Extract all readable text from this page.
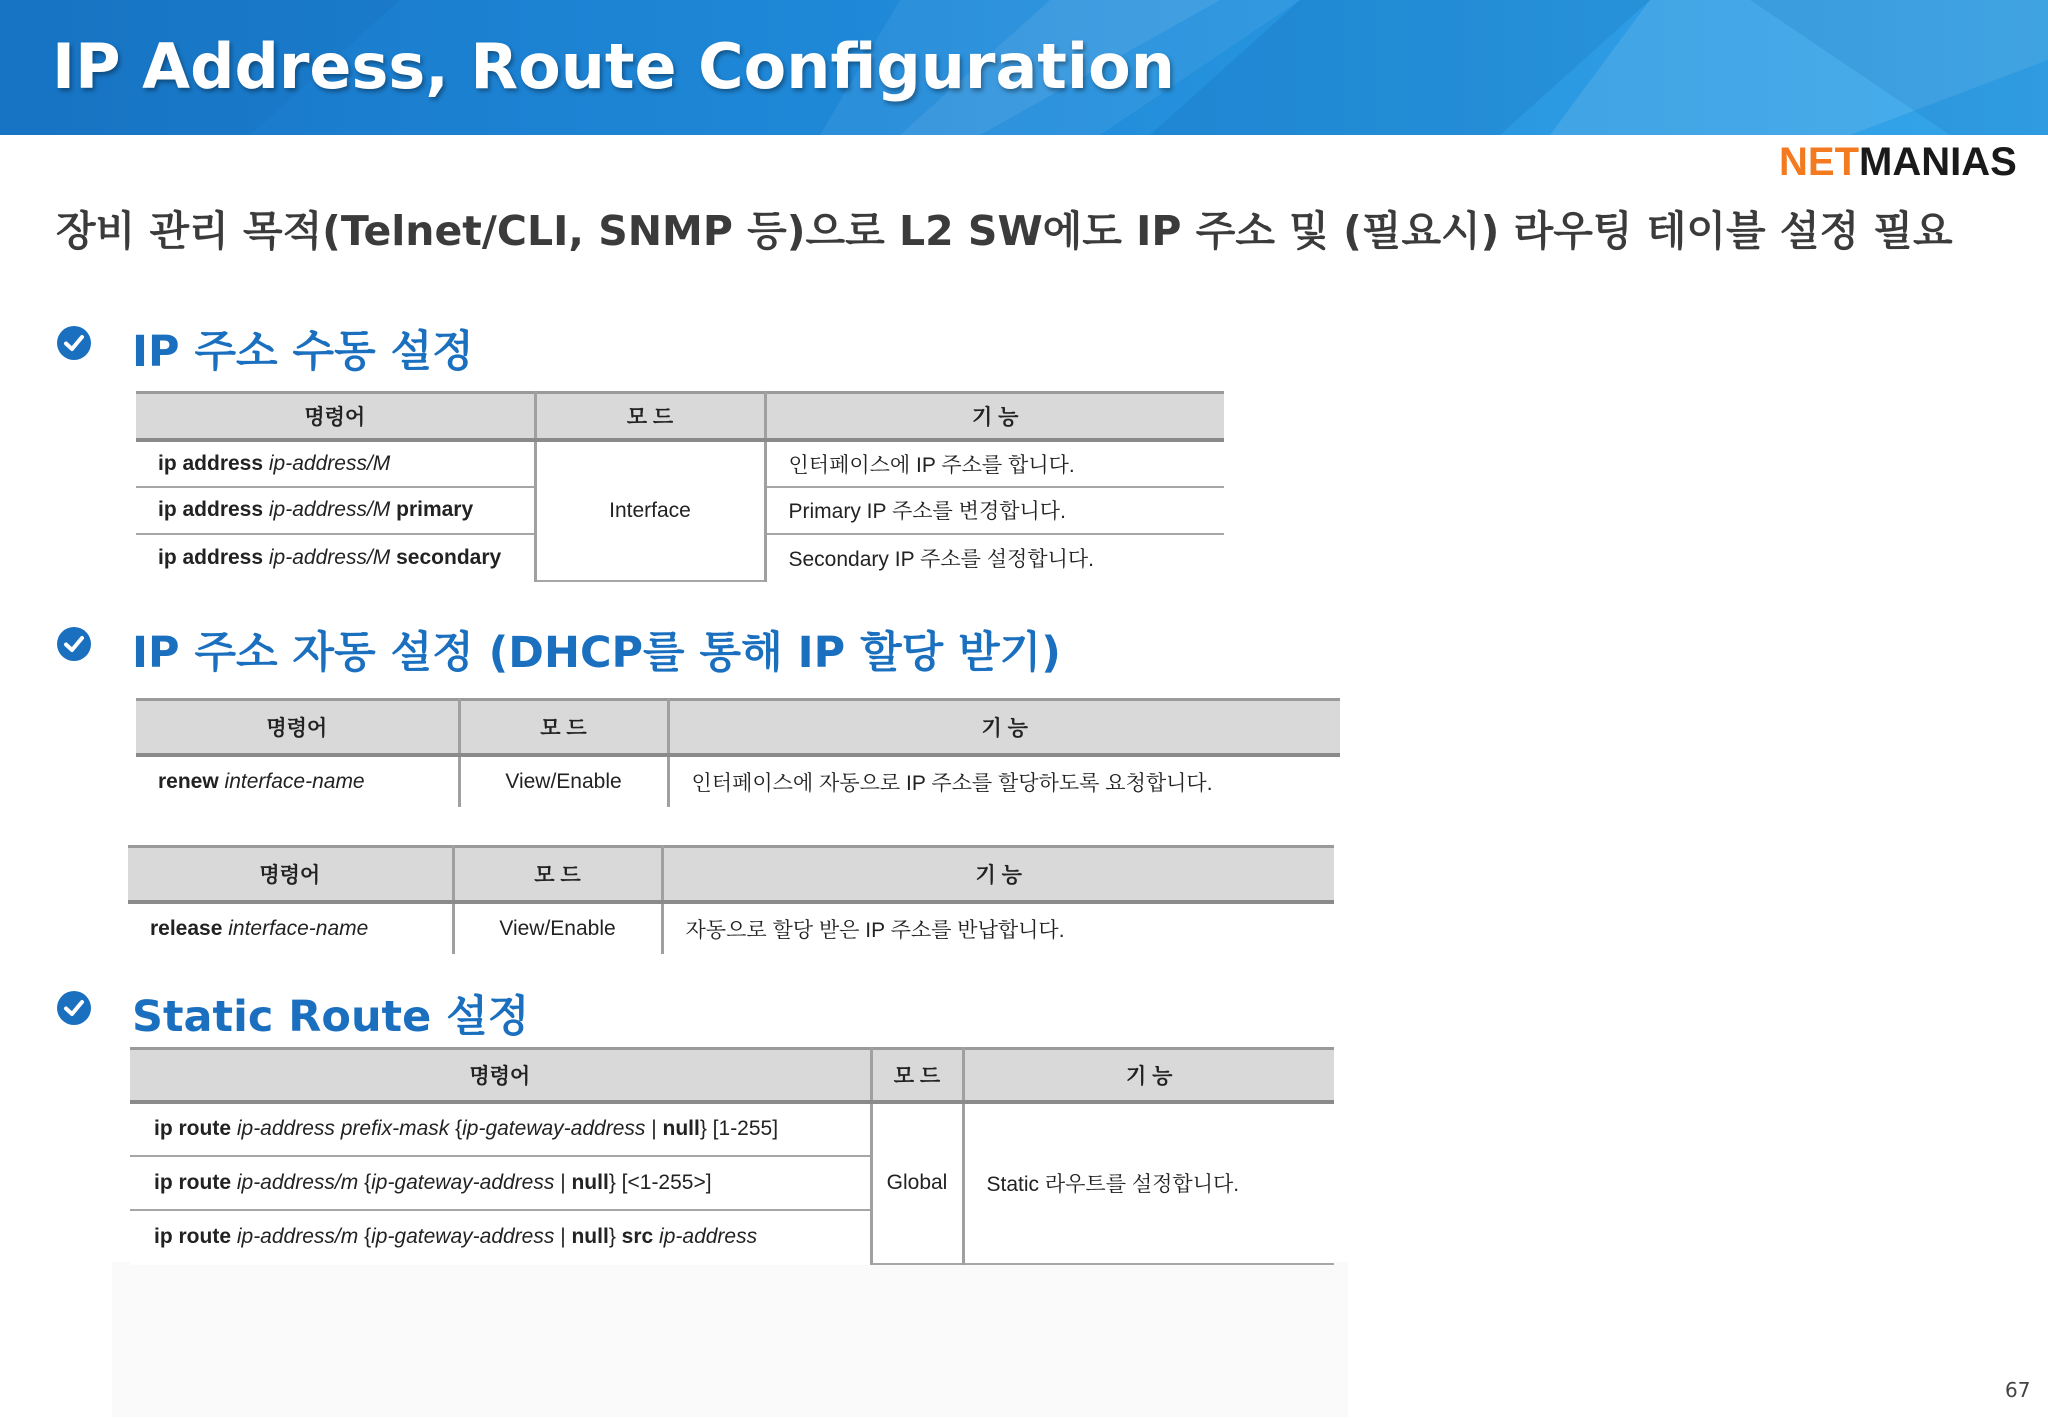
IP Address, Route Configuration
NETMANIAS
장비 관리 목적(Telnet/CLI, SNMP 등)으로 L2 SW에도 IP 주소 및 (필요시) 라우팅 테이블 설정 필요
IP 주소 수동 설정
명령어	모 드	기 능
ip address ip-address/M	Interface	인터페이스에 IP 주소를 합니다.
ip address ip-address/M primary		Primary IP 주소를 변경합니다.
ip address ip-address/M secondary		Secondary IP 주소를 설정합니다.
IP 주소 자동 설정 (DHCP를 통해 IP 할당 받기)
명령어	모 드	기 능
renew interface-name	View/Enable	인터페이스에 자동으로 IP 주소를 할당하도록 요청합니다.
명령어	모 드	기 능
release interface-name	View/Enable	자동으로 할당 받은 IP 주소를 반납합니다.
Static Route 설정
명령어	모 드	기 능
ip route ip-address prefix-mask {ip-gateway-address | null} [1-255]	Global	Static 라우트를 설정합니다.
ip route ip-address/m {ip-gateway-address | null} [<1-255>]		
ip route ip-address/m {ip-gateway-address | null} src ip-address		
67
